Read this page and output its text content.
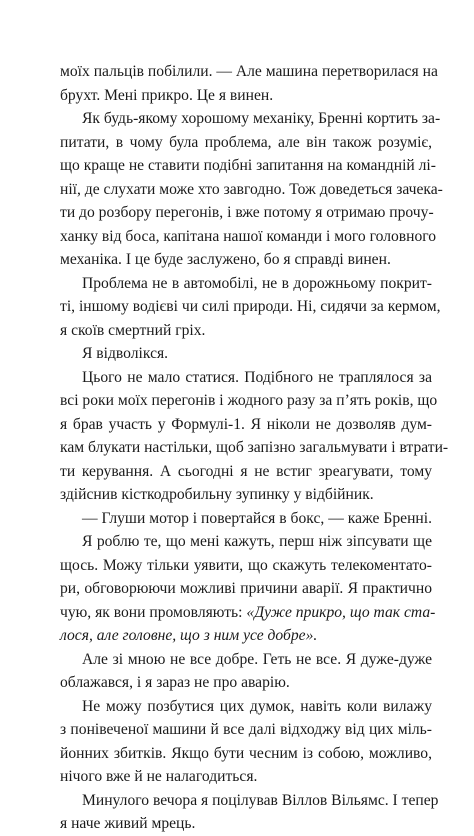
моїх пальців побілили. — Але машина перетворилася на
брухт. Мені прикро. Це я винен.
Як будь-якому хорошому механіку, Бренні кортить за-
питати, в чому була проблема, але він також розуміє,
що краще не ставити подібні запитання на командній лі-
нії, де слухати може хто завгодно. Тож доведеться зачека-
ти до розбору перегонів, і вже потому я отримаю прочу-
ханку від боса, капітана нашої команди і мого головного
механіка. І це буде заслужено, бо я справді винен.
Проблема не в автомобілі, не в дорожньому покрит-
ті, іншому водієві чи силі природи. Ні, сидячи за кермом,
я скоїв смертний гріх.
Я відволікся.
Цього не мало статися. Подібного не траплялося за
всі роки моїх перегонів і жодного разу за п’ять років, що
я брав участь у Формулі-1. Я ніколи не дозволяв дум-
кам блукати настільки, щоб запізно загальмувати і втрати-
ти керування. А сьогодні я не встиг зреагувати, тому
здійснив кісткодробильну зупинку у відбійник.
— Глуши мотор і повертайся в бокс, — каже Бренні.
Я роблю те, що мені кажуть, перш ніж зіпсувати ще
щось. Можу тільки уявити, що скажуть телекоментато-
ри, обговорюючи можливі причини аварії. Я практично
чую, як вони промовляють: «Дуже прикро, що так ста-
лося, але головне, що з ним усе добре».
Але зі мною не все добре. Геть не все. Я дуже-дуже
облажався, і я зараз не про аварію.
Не можу позбутися цих думок, навіть коли вилажу
з понівеченої машини й все далі відходжу від цих міль-
йонних збитків. Якщо бути чесним із собою, можливо,
нічого вже й не налагодиться.
Минулого вечора я поцілував Віллов Вільямс. І тепер
я наче живий мрець.
